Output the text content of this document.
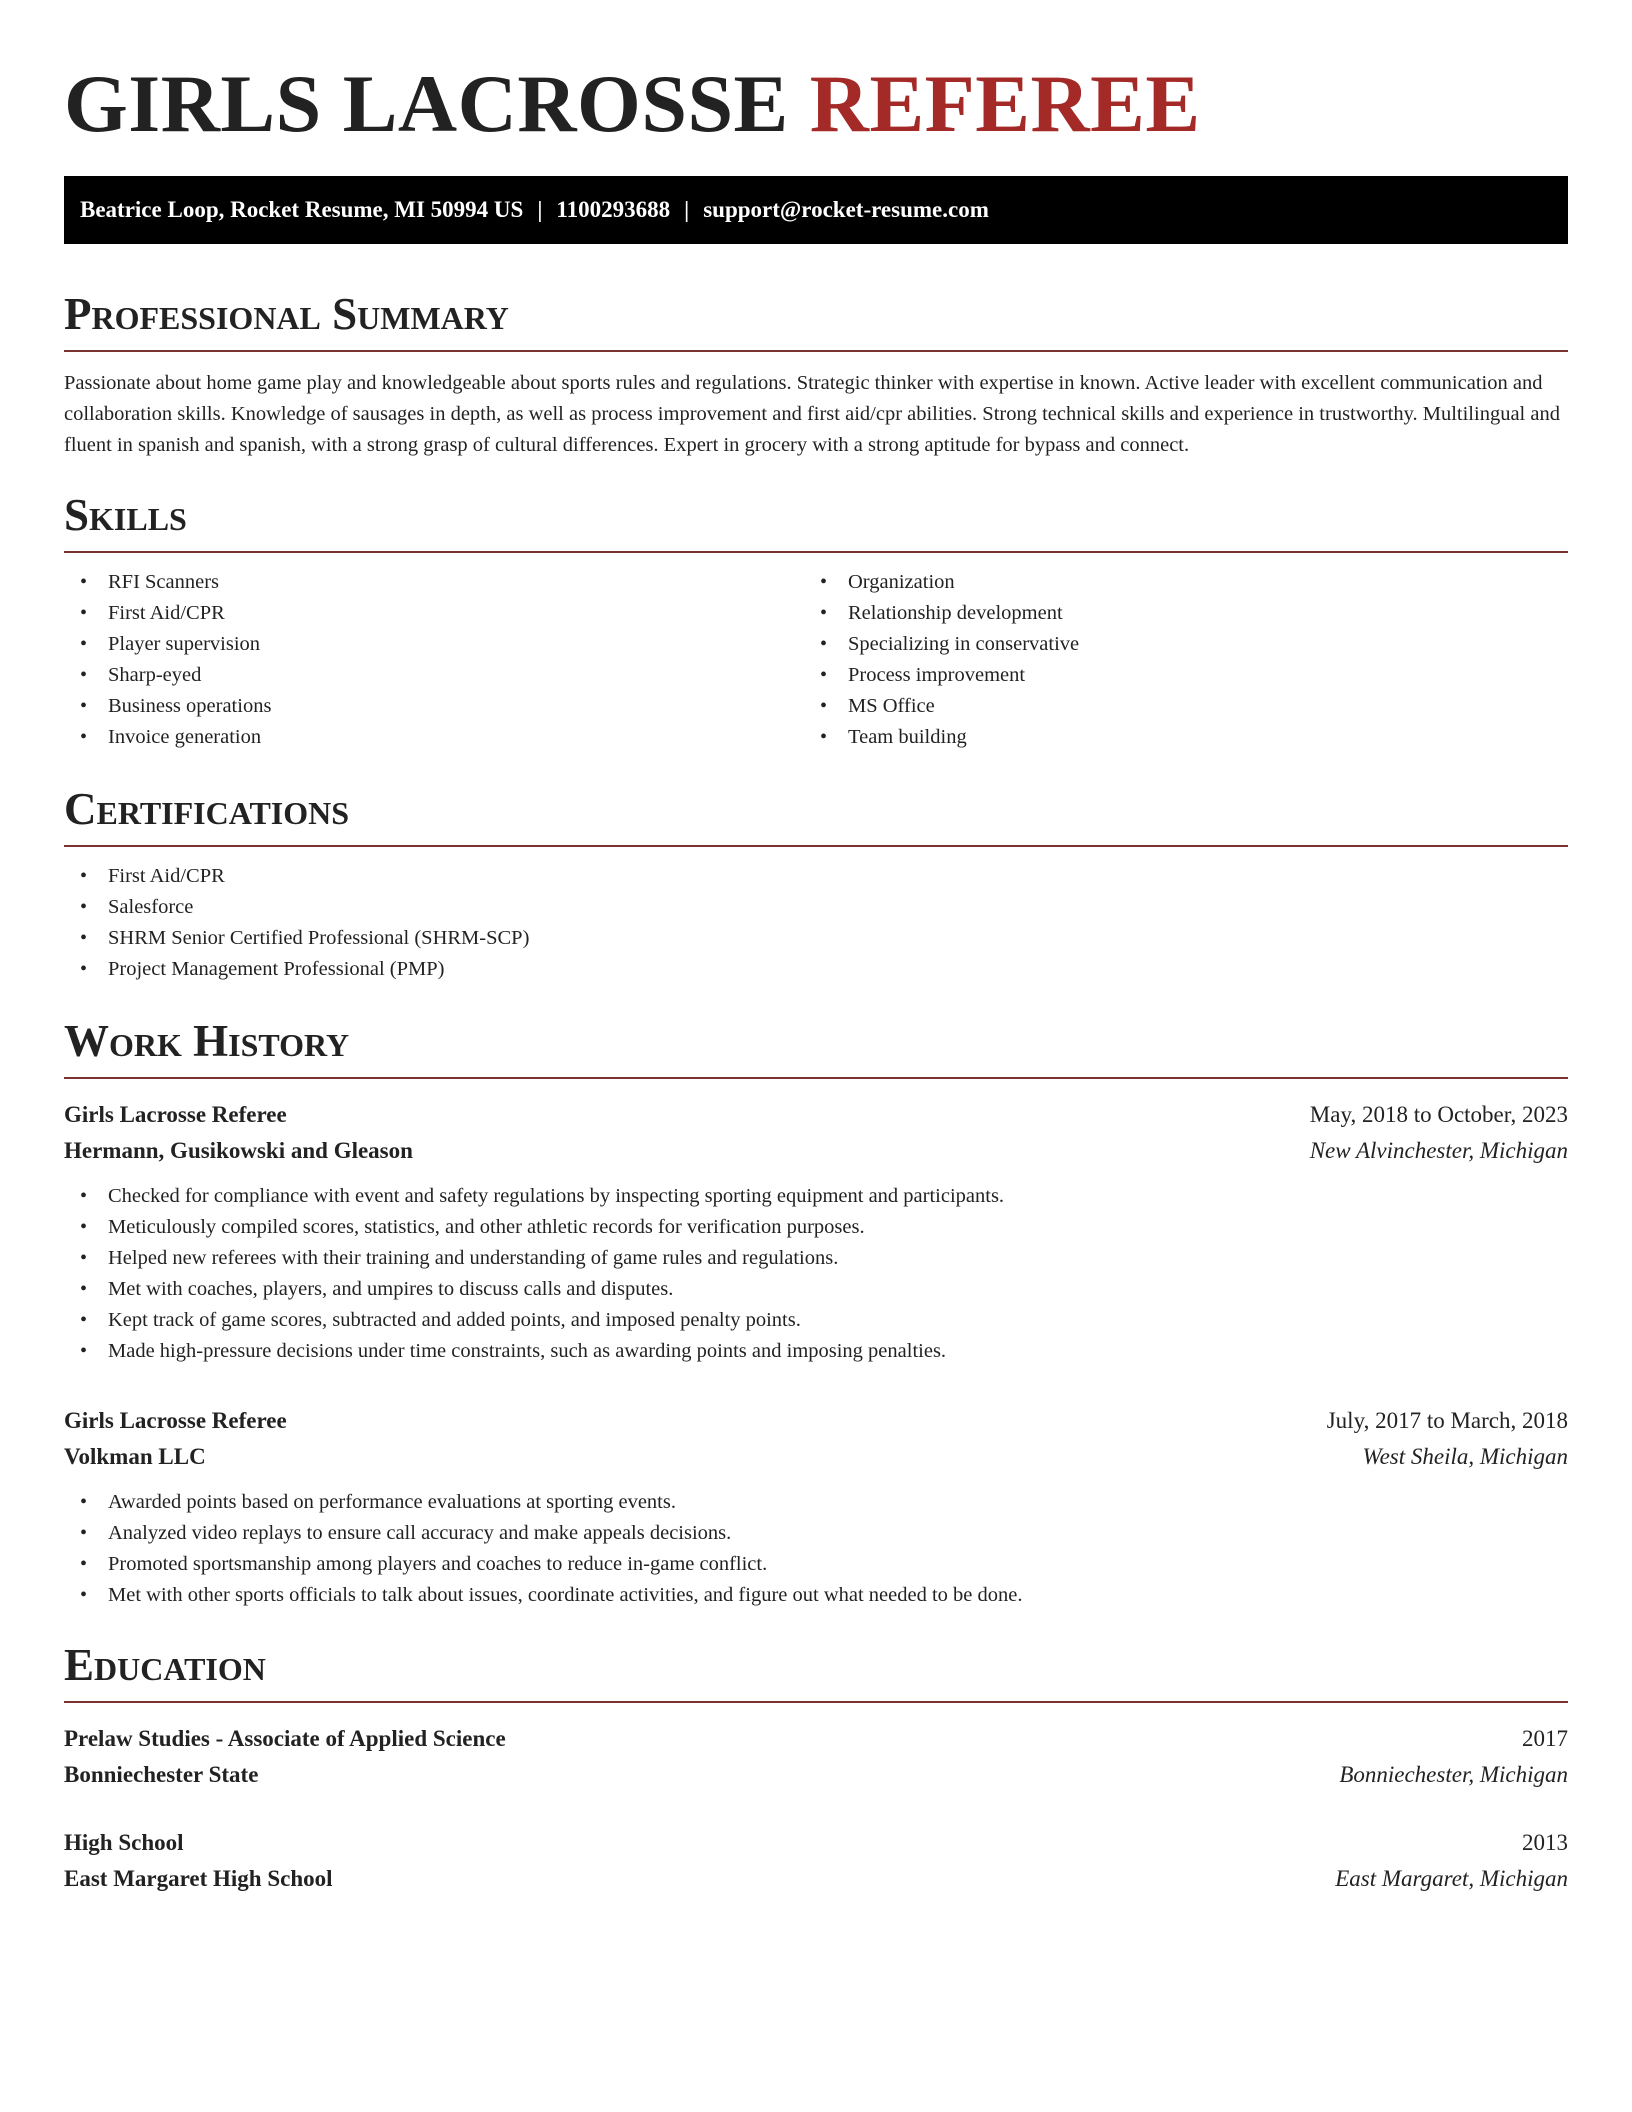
GIRLS LACROSSE REFEREE
Beatrice Loop, Rocket Resume, MI 50994 US | 1100293688 | support@rocket-resume.com
Professional Summary

Passionate about home game play and knowledgeable about sports rules and regulations. Strategic thinker with expertise in known. Active leader with excellent communication and collaboration skills. Knowledge of sausages in depth, as well as process improvement and first aid/cpr abilities. Strong technical skills and experience in trustworthy. Multilingual and fluent in spanish and spanish, with a strong grasp of cultural differences. Expert in grocery with a strong aptitude for bypass and connect.

Skills
• RFI Scanners
• First Aid/CPR
• Player supervision
• Sharp-eyed
• Business operations
• Invoice generation
• Organization
• Relationship development
• Specializing in conservative
• Process improvement
• MS Office
• Team building
Certifications
• First Aid/CPR
• Salesforce
• SHRM Senior Certified Professional (SHRM-SCP)
• Project Management Professional (PMP)
Work History
Girls Lacrosse Referee	May, 2018 to October, 2023
Hermann, Gusikowski and Gleason	New Alvinchester, Michigan
• Checked for compliance with event and safety regulations by inspecting sporting equipment and participants.
• Meticulously compiled scores, statistics, and other athletic records for verification purposes.
• Helped new referees with their training and understanding of game rules and regulations.
• Met with coaches, players, and umpires to discuss calls and disputes.
• Kept track of game scores, subtracted and added points, and imposed penalty points.
• Made high-pressure decisions under time constraints, such as awarding points and imposing penalties.
Girls Lacrosse Referee	July, 2017 to March, 2018
Volkman LLC	West Sheila, Michigan
• Awarded points based on performance evaluations at sporting events.
• Analyzed video replays to ensure call accuracy and make appeals decisions.
• Promoted sportsmanship among players and coaches to reduce in-game conflict.
• Met with other sports officials to talk about issues, coordinate activities, and figure out what needed to be done.
Education
Prelaw Studies - Associate of Applied Science	2017
Bonniechester State	Bonniechester, Michigan
High School	2013
East Margaret High School	East Margaret, Michigan
